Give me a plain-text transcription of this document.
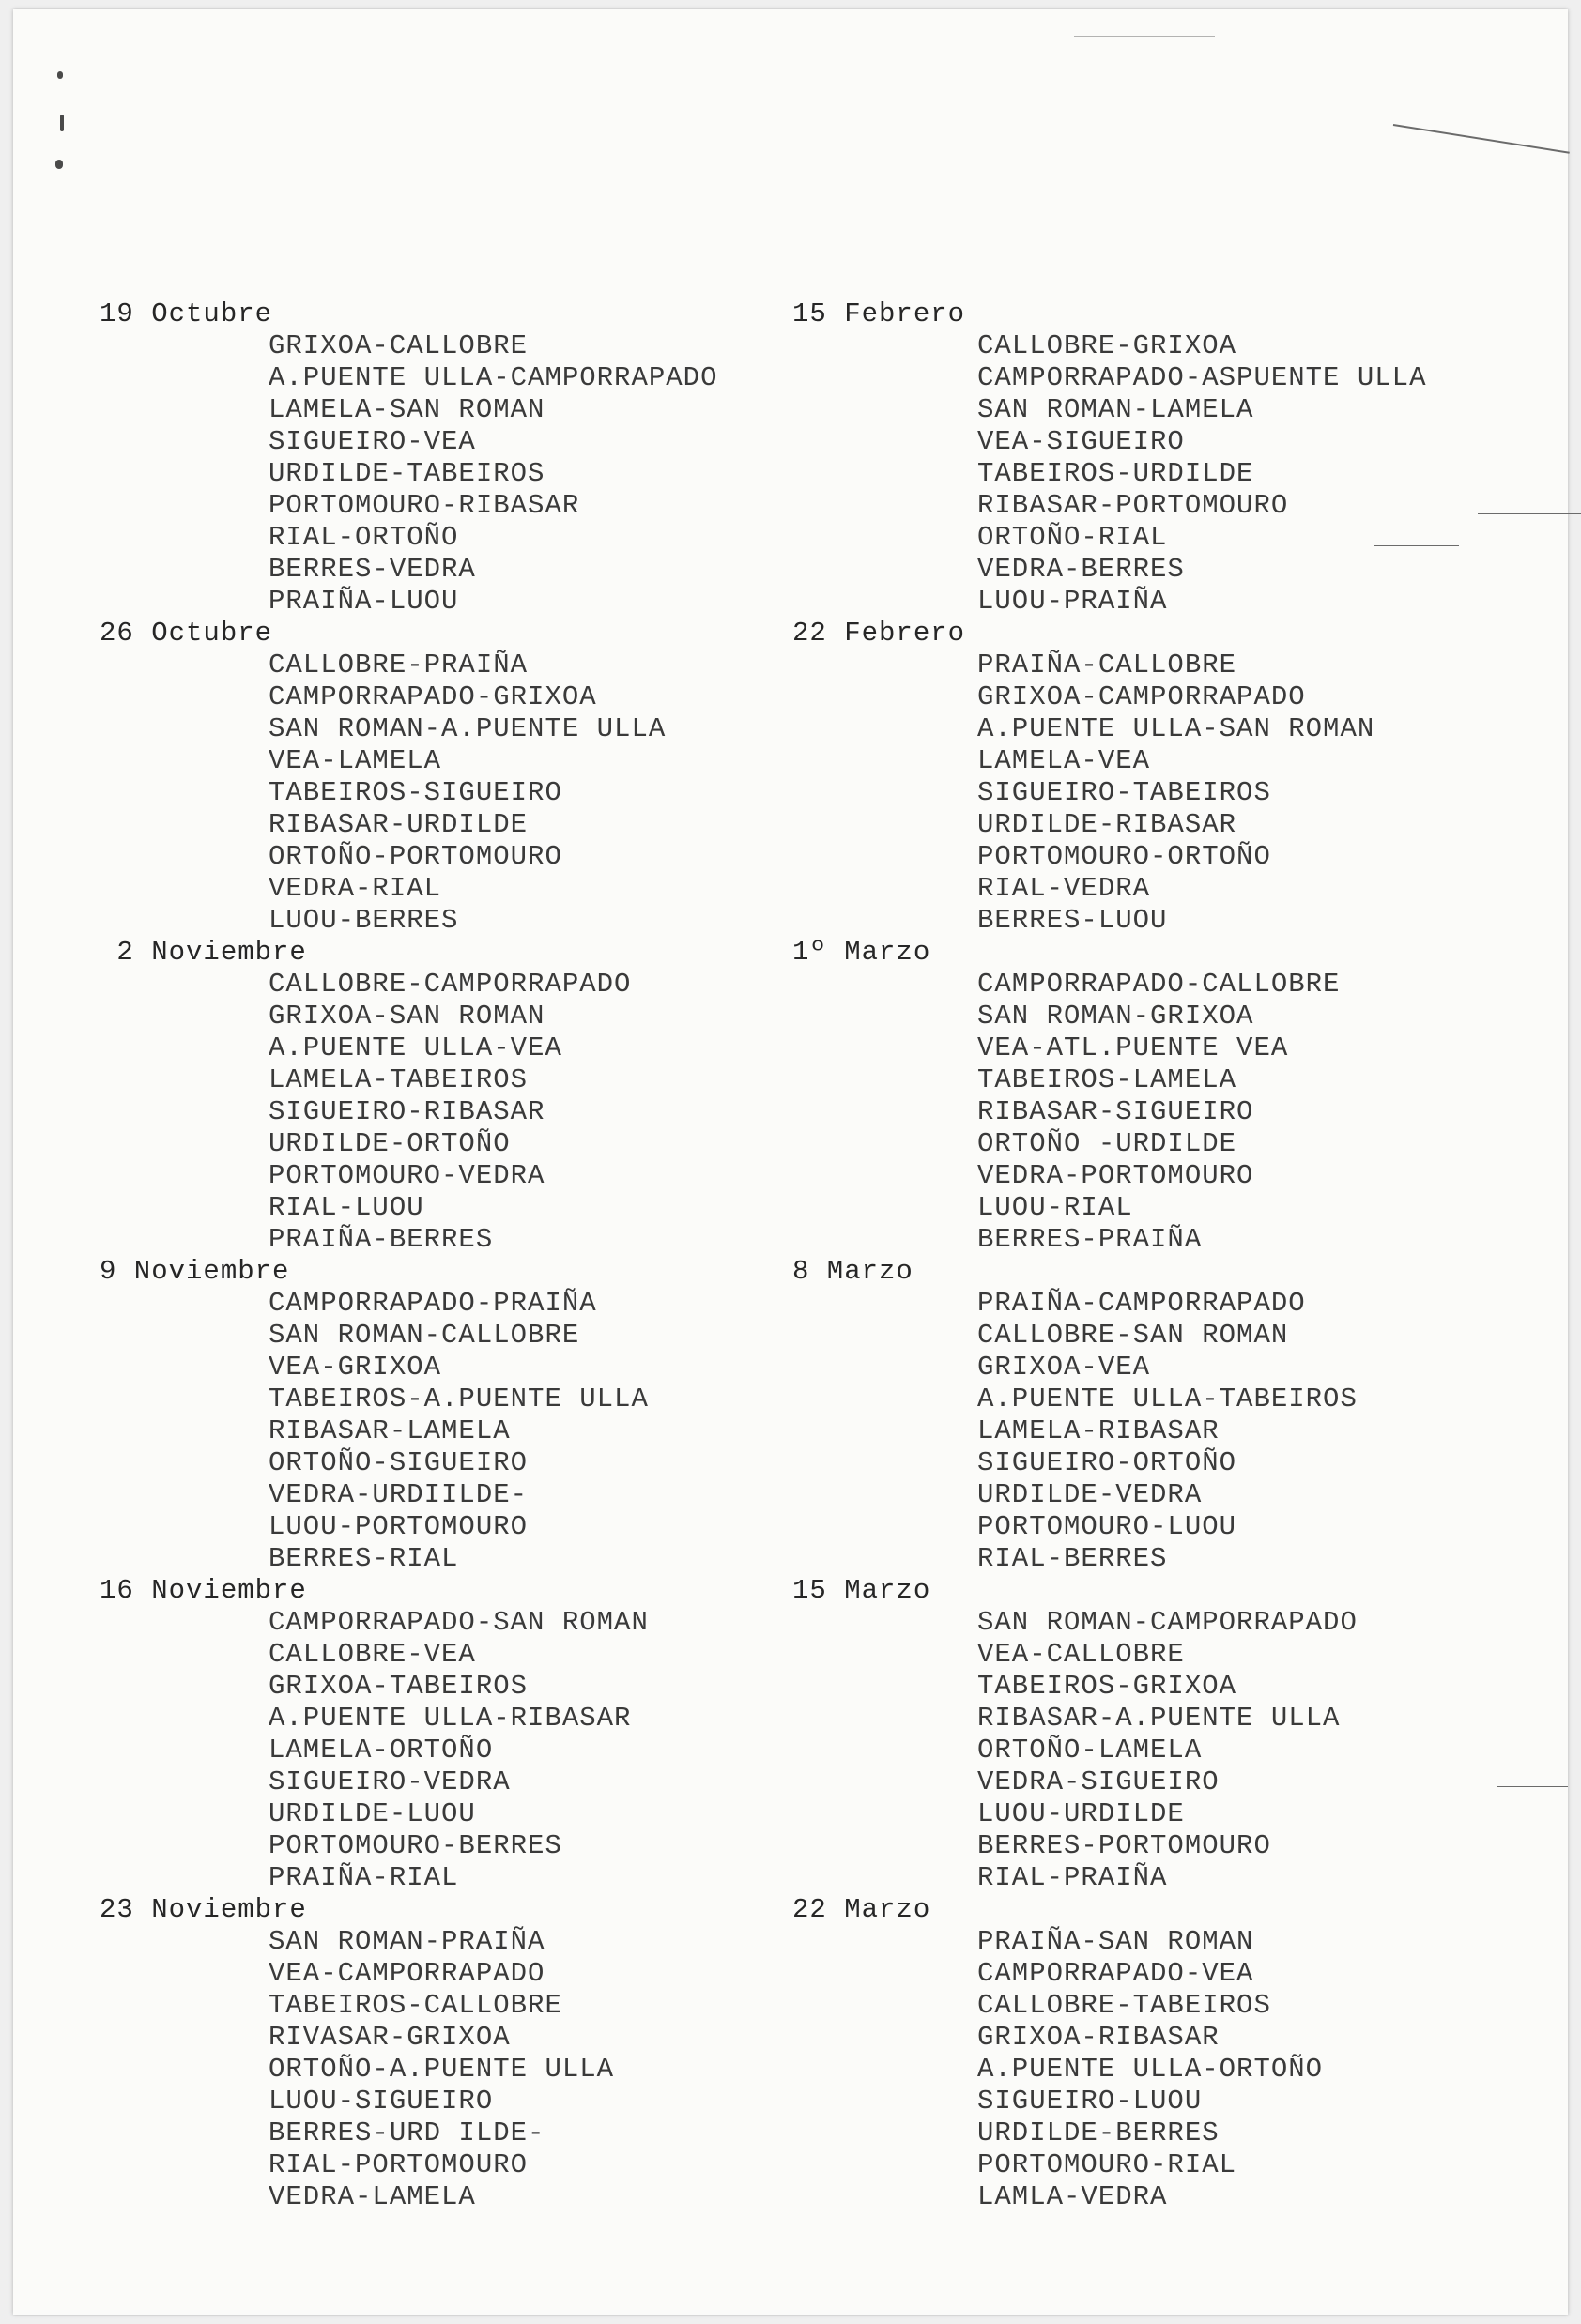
19 Octubre
GRIXOA-CALLOBRE
A.PUENTE ULLA-CAMPORRAPADO
LAMELA-SAN ROMAN
SIGUEIRO-VEA
URDILDE-TABEIROS
PORTOMOURO-RIBASAR
RIAL-ORTOÑO
BERRES-VEDRA
PRAIÑA-LUOU
26 Octubre
CALLOBRE-PRAIÑA
CAMPORRAPADO-GRIXOA
SAN ROMAN-A.PUENTE ULLA
VEA-LAMELA
TABEIROS-SIGUEIRO
RIBASAR-URDILDE
ORTOÑO-PORTOMOURO
VEDRA-RIAL
LUOU-BERRES
2 Noviembre
CALLOBRE-CAMPORRAPADO
GRIXOA-SAN ROMAN
A.PUENTE ULLA-VEA
LAMELA-TABEIROS
SIGUEIRO-RIBASAR
URDILDE-ORTOÑO
PORTOMOURO-VEDRA
RIAL-LUOU
PRAIÑA-BERRES
9 Noviembre
CAMPORRAPADO-PRAIÑA
SAN ROMAN-CALLOBRE
VEA-GRIXOA
TABEIROS-A.PUENTE ULLA
RIBASAR-LAMELA
ORTOÑO-SIGUEIRO
VEDRA-URDIILDE-
LUOU-PORTOMOURO
BERRES-RIAL
16 Noviembre
CAMPORRAPADO-SAN ROMAN
CALLOBRE-VEA
GRIXOA-TABEIROS
A.PUENTE ULLA-RIBASAR
LAMELA-ORTOÑO
SIGUEIRO-VEDRA
URDILDE-LUOU
PORTOMOURO-BERRES
PRAIÑA-RIAL
23 Noviembre
SAN ROMAN-PRAIÑA
VEA-CAMPORRAPADO
TABEIROS-CALLOBRE
RIVASAR-GRIXOA
ORTOÑO-A.PUENTE ULLA
LUOU-SIGUEIRO
BERRES-URD ILDE-
RIAL-PORTOMOURO
VEDRA-LAMELA
15 Febrero
CALLOBRE-GRIXOA
CAMPORRAPADO-ASPUENTE ULLA
SAN ROMAN-LAMELA
VEA-SIGUEIRO
TABEIROS-URDILDE
RIBASAR-PORTOMOURO
ORTOÑO-RIAL
VEDRA-BERRES
LUOU-PRAIÑA
22 Febrero
PRAIÑA-CALLOBRE
GRIXOA-CAMPORRAPADO
A.PUENTE ULLA-SAN ROMAN
LAMELA-VEA
SIGUEIRO-TABEIROS
URDILDE-RIBASAR
PORTOMOURO-ORTOÑO
RIAL-VEDRA
BERRES-LUOU
1º Marzo
CAMPORRAPADO-CALLOBRE
SAN ROMAN-GRIXOA
VEA-ATL.PUENTE VEA
TABEIROS-LAMELA
RIBASAR-SIGUEIRO
ORTOÑO -URDILDE
VEDRA-PORTOMOURO
LUOU-RIAL
BERRES-PRAIÑA
8 Marzo
PRAIÑA-CAMPORRAPADO
CALLOBRE-SAN ROMAN
GRIXOA-VEA
A.PUENTE ULLA-TABEIROS
LAMELA-RIBASAR
SIGUEIRO-ORTOÑO
URDILDE-VEDRA
PORTOMOURO-LUOU
RIAL-BERRES
15 Marzo
SAN ROMAN-CAMPORRAPADO
VEA-CALLOBRE
TABEIROS-GRIXOA
RIBASAR-A.PUENTE ULLA
ORTOÑO-LAMELA
VEDRA-SIGUEIRO
LUOU-URDILDE
BERRES-PORTOMOURO
RIAL-PRAIÑA
22 Marzo
PRAIÑA-SAN ROMAN
CAMPORRAPADO-VEA
CALLOBRE-TABEIROS
GRIXOA-RIBASAR
A.PUENTE ULLA-ORTOÑO
SIGUEIRO-LUOU
URDILDE-BERRES
PORTOMOURO-RIAL
LAMLA-VEDRA
